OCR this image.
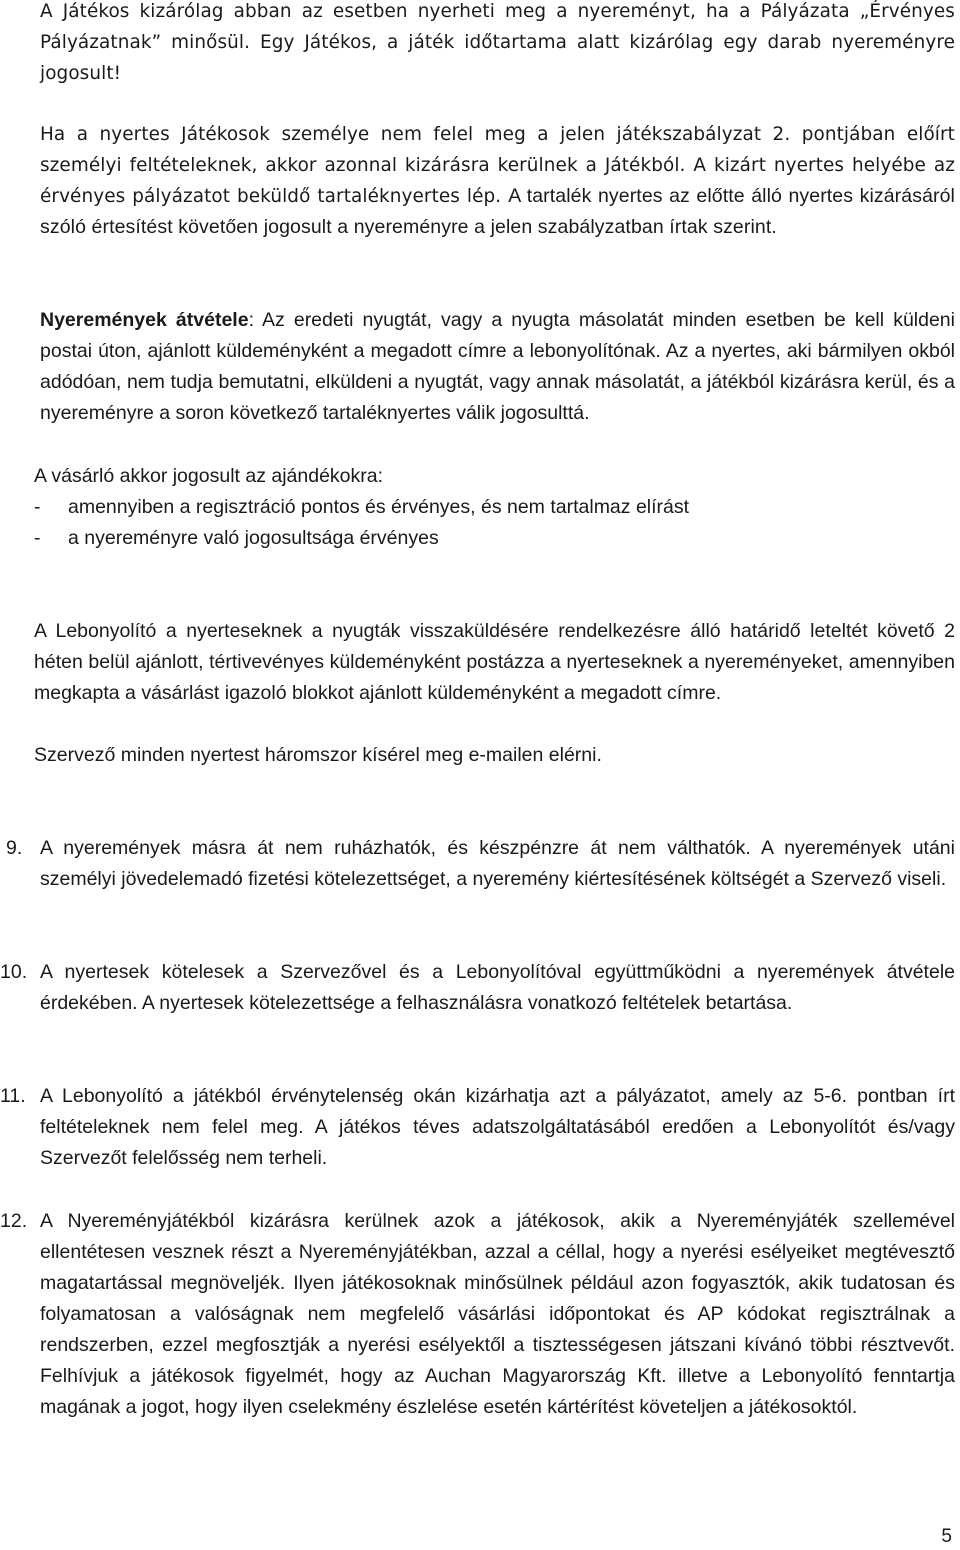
A Játékos kizárólag abban az esetben nyerheti meg a nyereményt, ha a Pályázata „Érvényes Pályázatnak” minősül. Egy Játékos, a játék időtartama alatt kizárólag egy darab nyereményre jogosult!

Ha a nyertes Játékosok személye nem felel meg a jelen játékszabályzat 2. pontjában előírt személyi feltételeknek, akkor azonnal kizárásra kerülnek a Játékból. A kizárt nyertes helyébe az érvényes pályázatot beküldő tartaléknyertes lép. A tartalék nyertes az előtte álló nyertes kizárásáról szóló értesítést követően jogosult a nyereményre a jelen szabályzatban írtak szerint.

Nyeremények átvétele: Az eredeti nyugtát, vagy a nyugta másolatát minden esetben be kell küldeni postai úton, ajánlott küldeményként a megadott címre a lebonyolítónak. Az a nyertes, aki bármilyen okból adódóan, nem tudja bemutatni, elküldeni a nyugtát, vagy annak másolatát, a játékból kizárásra kerül, és a nyereményre a soron következő tartaléknyertes válik jogosulttá.

A vásárló akkor jogosult az ajándékokra:

-	amennyiben a regisztráció pontos és érvényes, és nem tartalmaz elírást
-	a nyereményre való jogosultsága érvényes

A Lebonyolító a nyerteseknek a nyugták visszaküldésére rendelkezésre álló határidő leteltét követő 2 héten belül ajánlott, tértivevényes küldeményként postázza a nyerteseknek a nyereményeket, amennyiben megkapta a vásárlást igazoló blokkot ajánlott küldeményként a megadott címre.

Szervező minden nyertest háromszor kísérel meg e-mailen elérni.

9. A nyeremények másra át nem ruházhatók, és készpénzre át nem válthatók. A nyeremények utáni személyi jövedelemadó fizetési kötelezettséget, a nyeremény kiértesítésének költségét a Szervező viseli.
10. A nyertesek kötelesek a Szervezővel és a Lebonyolítóval együttműködni a nyeremények átvétele érdekében. A nyertesek kötelezettsége a felhasználásra vonatkozó feltételek betartása.
11. A Lebonyolító a játékból érvénytelenség okán kizárhatja azt a pályázatot, amely az 5-6. pontban írt feltételeknek nem felel meg. A játékos téves adatszolgáltatásából eredően a Lebonyolítót és/vagy Szervezőt felelősség nem terheli.
12. A Nyereményjátékból kizárásra kerülnek azok a játékosok, akik a Nyereményjáték szellemével ellentétesen vesznek részt a Nyereményjátékban, azzal a céllal, hogy a nyerési esélyeiket megtévesztő magatartással megnöveljék. Ilyen játékosoknak minősülnek például azon fogyasztók, akik tudatosan és folyamatosan a valóságnak nem megfelelő vásárlási időpontokat és AP kódokat regisztrálnak a rendszerben, ezzel megfosztják a nyerési esélyektől a tisztességesen játszani kívánó többi résztvevőt. Felhívjuk a játékosok figyelmét, hogy az Auchan Magyarország Kft. illetve a Lebonyolító fenntartja magának a jogot, hogy ilyen cselekmény észlelése esetén kártérítést követeljen a játékosoktól.
5
